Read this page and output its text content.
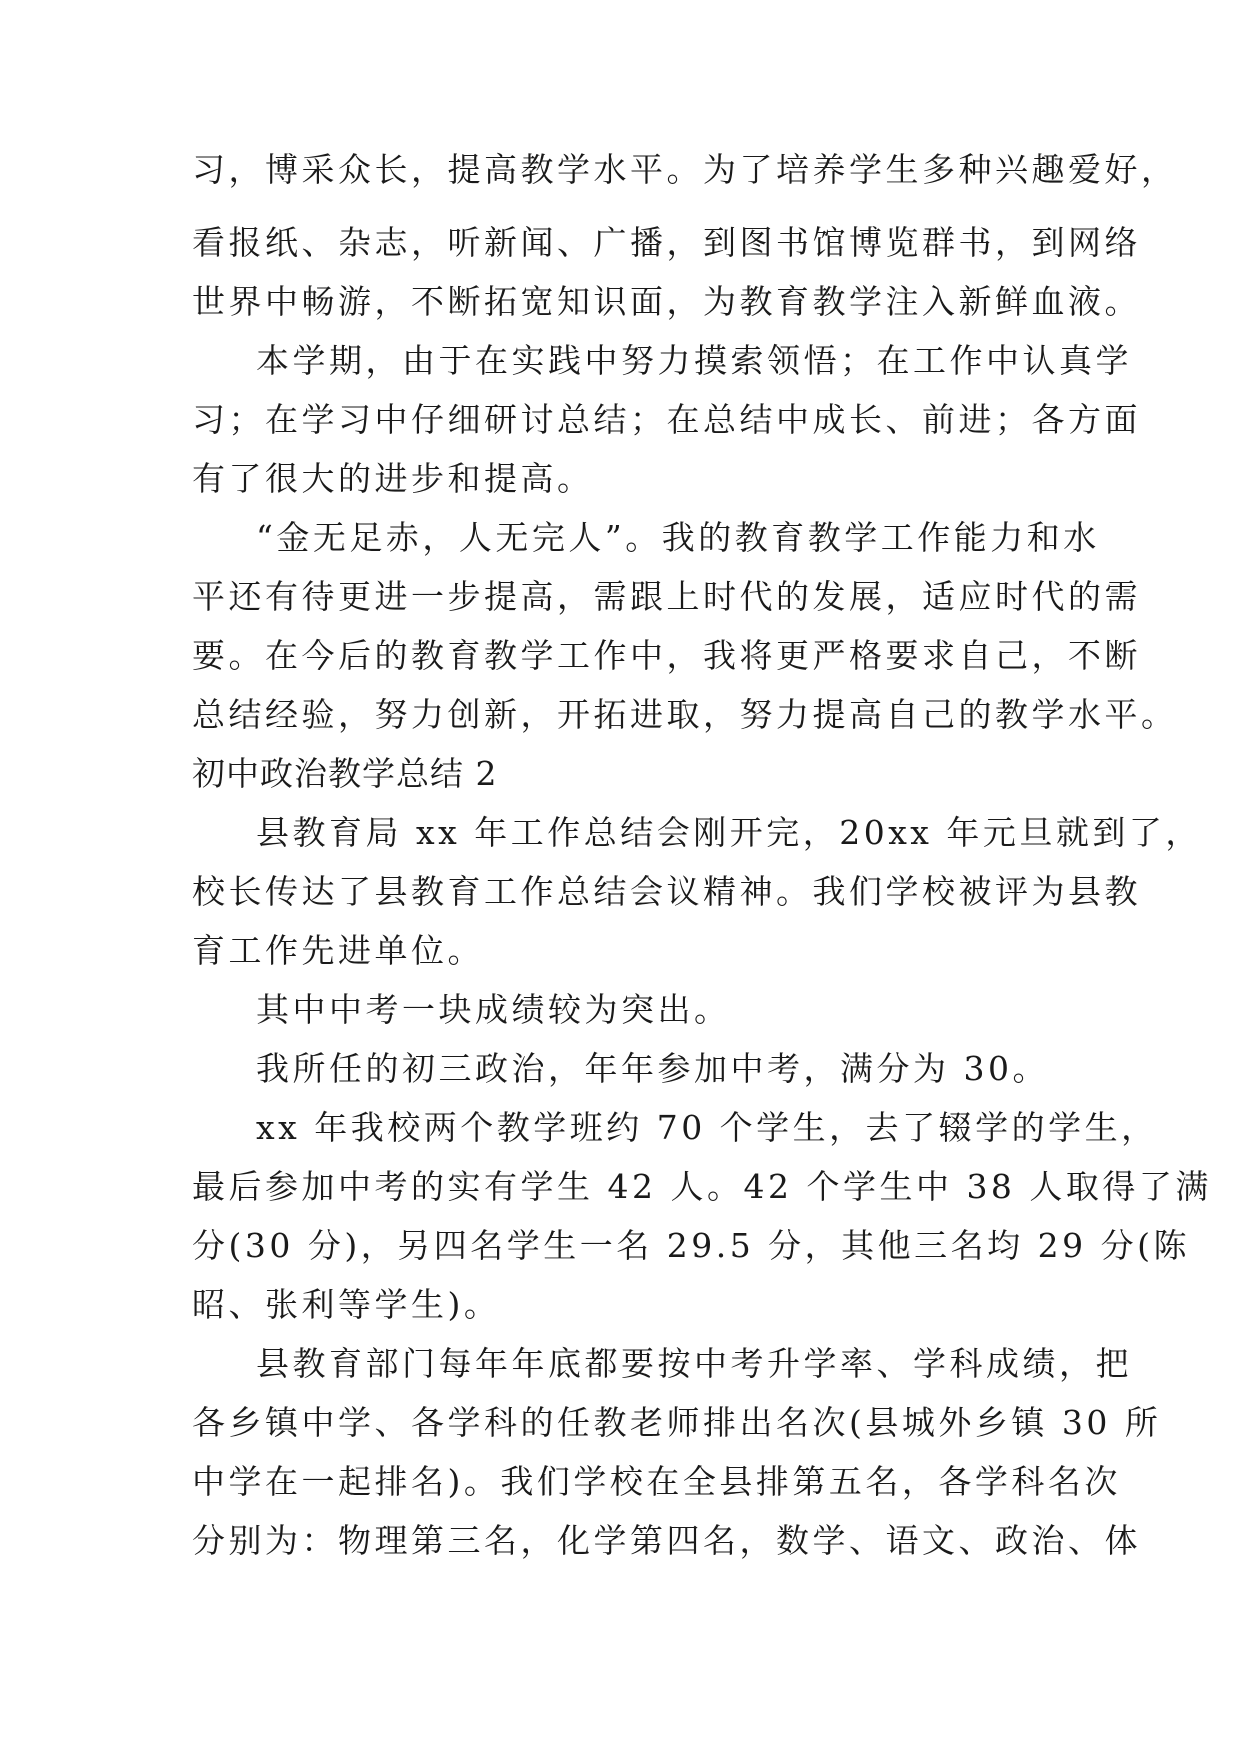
习，博采众长，提高教学水平。为了培养学生多种兴趣爱好，

看报纸、杂志，听新闻、广播，到图书馆博览群书，到网络

世界中畅游，不断拓宽知识面，为教育教学注入新鲜血液。

本学期，由于在实践中努力摸索领悟；在工作中认真学

习；在学习中仔细研讨总结；在总结中成长、前进；各方面

有了很大的进步和提高。

“金无足赤，人无完人”。我的教育教学工作能力和水

平还有待更进一步提高，需跟上时代的发展，适应时代的需

要。在今后的教育教学工作中，我将更严格要求自己，不断

总结经验，努力创新，开拓进取，努力提高自己的教学水平。

初中政治教学总结 2

县教育局 xx 年工作总结会刚开完，20xx 年元旦就到了，

校长传达了县教育工作总结会议精神。我们学校被评为县教

育工作先进单位。

其中中考一块成绩较为突出。

我所任的初三政治，年年参加中考，满分为 30。

xx 年我校两个教学班约 70 个学生，去了辍学的学生，

最后参加中考的实有学生 42 人。42 个学生中 38 人取得了满

分(30 分)，另四名学生一名 29.5 分，其他三名均 29 分(陈

昭、张利等学生)。

县教育部门每年年底都要按中考升学率、学科成绩，把

各乡镇中学、各学科的任教老师排出名次(县城外乡镇 30 所

中学在一起排名)。我们学校在全县排第五名，各学科名次

分别为：物理第三名，化学第四名，数学、语文、政治、体
